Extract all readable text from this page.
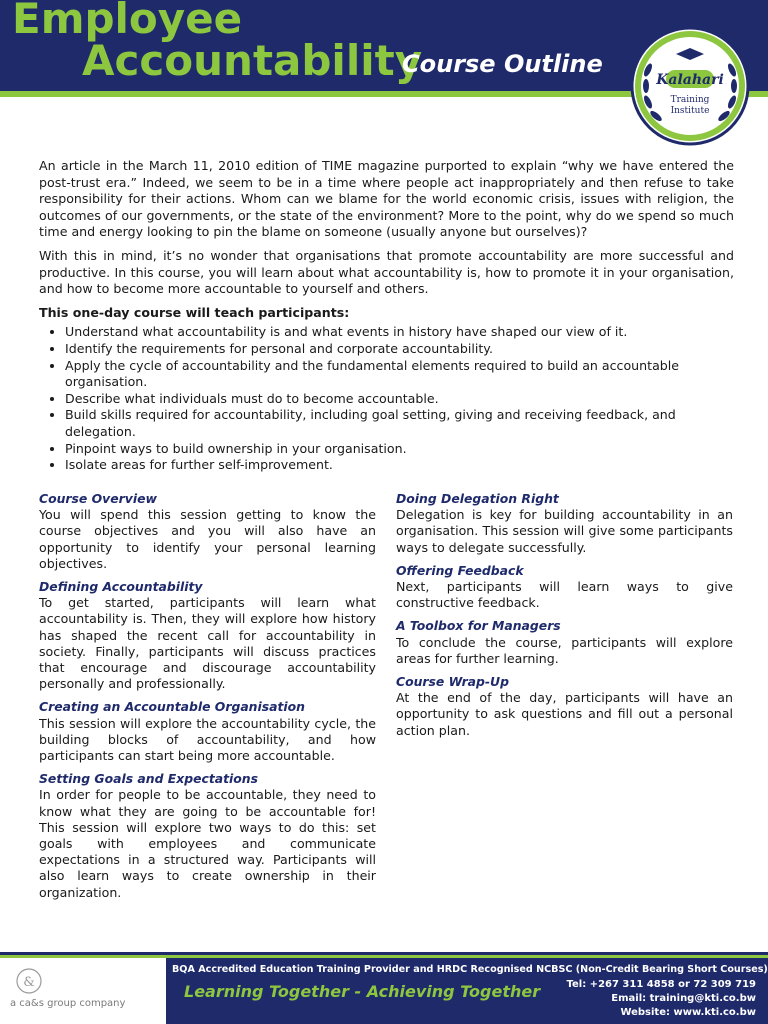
Employee
Accountability
Course Outline
Kalahari
Training
Institute

An article in the March 11, 2010 edition of TIME magazine purported to explain “why we have entered the post-trust era.” Indeed, we seem to be in a time where people act inappropriately and then refuse to take responsibility for their actions. Whom can we blame for the world economic crisis, issues with religion, the outcomes of our governments, or the state of the environment? More to the point, why do we spend so much time and energy looking to pin the blame on someone (usually anyone but ourselves)?

With this in mind, it’s no wonder that organisations that promote accountability are more successful and productive. In this course, you will learn about what accountability is, how to promote it in your organisation, and how to become more accountable to yourself and others.

This one-day course will teach participants:
• Understand what accountability is and what events in history have shaped our view of it.
• Identify the requirements for personal and corporate accountability.
• Apply the cycle of accountability and the fundamental elements required to build an accountable organisation.
• Describe what individuals must do to become accountable.
• Build skills required for accountability, including goal setting, giving and receiving feedback, and delegation.
• Pinpoint ways to build ownership in your organisation.
• Isolate areas for further self-improvement.
Course Overview
You will spend this session getting to know the course objectives and you will also have an opportunity to identify your personal learning objectives.
Defining Accountability
To get started, participants will learn what accountability is. Then, they will explore how history has shaped the recent call for accountability in society. Finally, participants will discuss practices that encourage and discourage accountability personally and professionally.
Creating an Accountable Organisation
This session will explore the accountability cycle, the building blocks of accountability, and how participants can start being more accountable.
Setting Goals and Expectations
In order for people to be accountable, they need to know what they are going to be accountable for! This session will explore two ways to do this: set goals with employees and communicate expectations in a structured way. Participants will also learn ways to create ownership in their organization.
Doing Delegation Right
Delegation is key for building accountability in an organisation. This session will give some participants ways to delegate successfully.
Offering Feedback
Next, participants will learn ways to give constructive feedback.
A Toolbox for Managers
To conclude the course, participants will explore areas for further learning.
Course Wrap-Up
At the end of the day, participants will have an opportunity to ask questions and fill out a personal action plan.
&
a ca&s group company
BQA Accredited Education Training Provider and HRDC Recognised NCBSC (Non-Credit Bearing Short Courses)
Learning Together - Achieving Together	Tel: +267 311 4858 or 72 309 719
Email: training@kti.co.bw
Website: www.kti.co.bw
